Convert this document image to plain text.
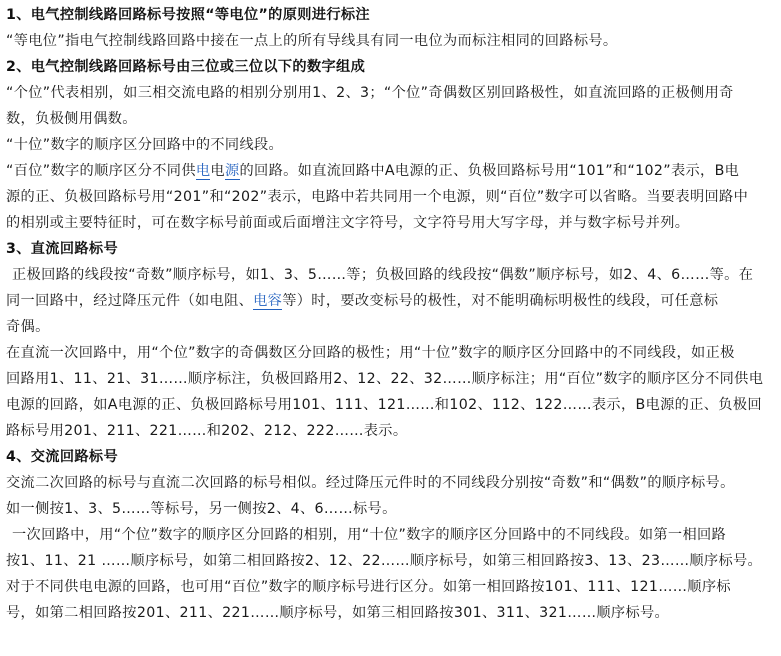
1、电气控制线路回路标号按照“等电位”的原则进行标注
“等电位”指电气控制线路回路中接在一点上的所有导线具有同一电位为而标注相同的回路标号。
2、电气控制线路回路标号由三位或三位以下的数字组成
“个位”代表相别，如三相交流电路的相别分别用1、2、3；“个位”奇偶数区别回路极性，如直流回路的正极侧用奇
数，负极侧用偶数。
“十位”数字的顺序区分回路中的不同线段。
“百位”数字的顺序区分不同供电电源的回路。如直流回路中A电源的正、负极回路标号用“101”和“102”表示，B电
源的正、负极回路标号用“201”和“202”表示，电路中若共同用一个电源，则“百位”数字可以省略。当要表明回路中
的相别或主要特征时，可在数字标号前面或后面增注文字符号，文字符号用大写字母，并与数字标号并列。
3、直流回路标号
正极回路的线段按“奇数”顺序标号，如1、3、5……等；负极回路的线段按“偶数”顺序标号，如2、4、6……等。在
同一回路中，经过降压元件（如电阻、电容等）时，要改变标号的极性，对不能明确标明极性的线段，可任意标
奇偶。
在直流一次回路中，用“个位”数字的奇偶数区分回路的极性；用“十位”数字的顺序区分回路中的不同线段，如正极
回路用1、11、21、31……顺序标注，负极回路用2、12、22、32……顺序标注；用“百位”数字的顺序区分不同供电
电源的回路，如A电源的正、负极回路标号用101、111、121……和102、112、122……表示，B电源的正、负极回
路标号用201、211、221……和202、212、222……表示。
4、交流回路标号
交流二次回路的标号与直流二次回路的标号相似。经过降压元件时的不同线段分别按“奇数”和“偶数”的顺序标号。
如一侧按1、3、5……等标号，另一侧按2、4、6……标号。
一次回路中，用“个位”数字的顺序区分回路的相别，用“十位”数字的顺序区分回路中的不同线段。如第一相回路
按1、11、21 ……顺序标号，如第二相回路按2、12、22……顺序标号，如第三相回路按3、13、23……顺序标号。
对于不同供电电源的回路，也可用“百位”数字的顺序标号进行区分。如第一相回路按101、111、121……顺序标
号，如第二相回路按201、211、221……顺序标号，如第三相回路按301、311、321……顺序标号。
